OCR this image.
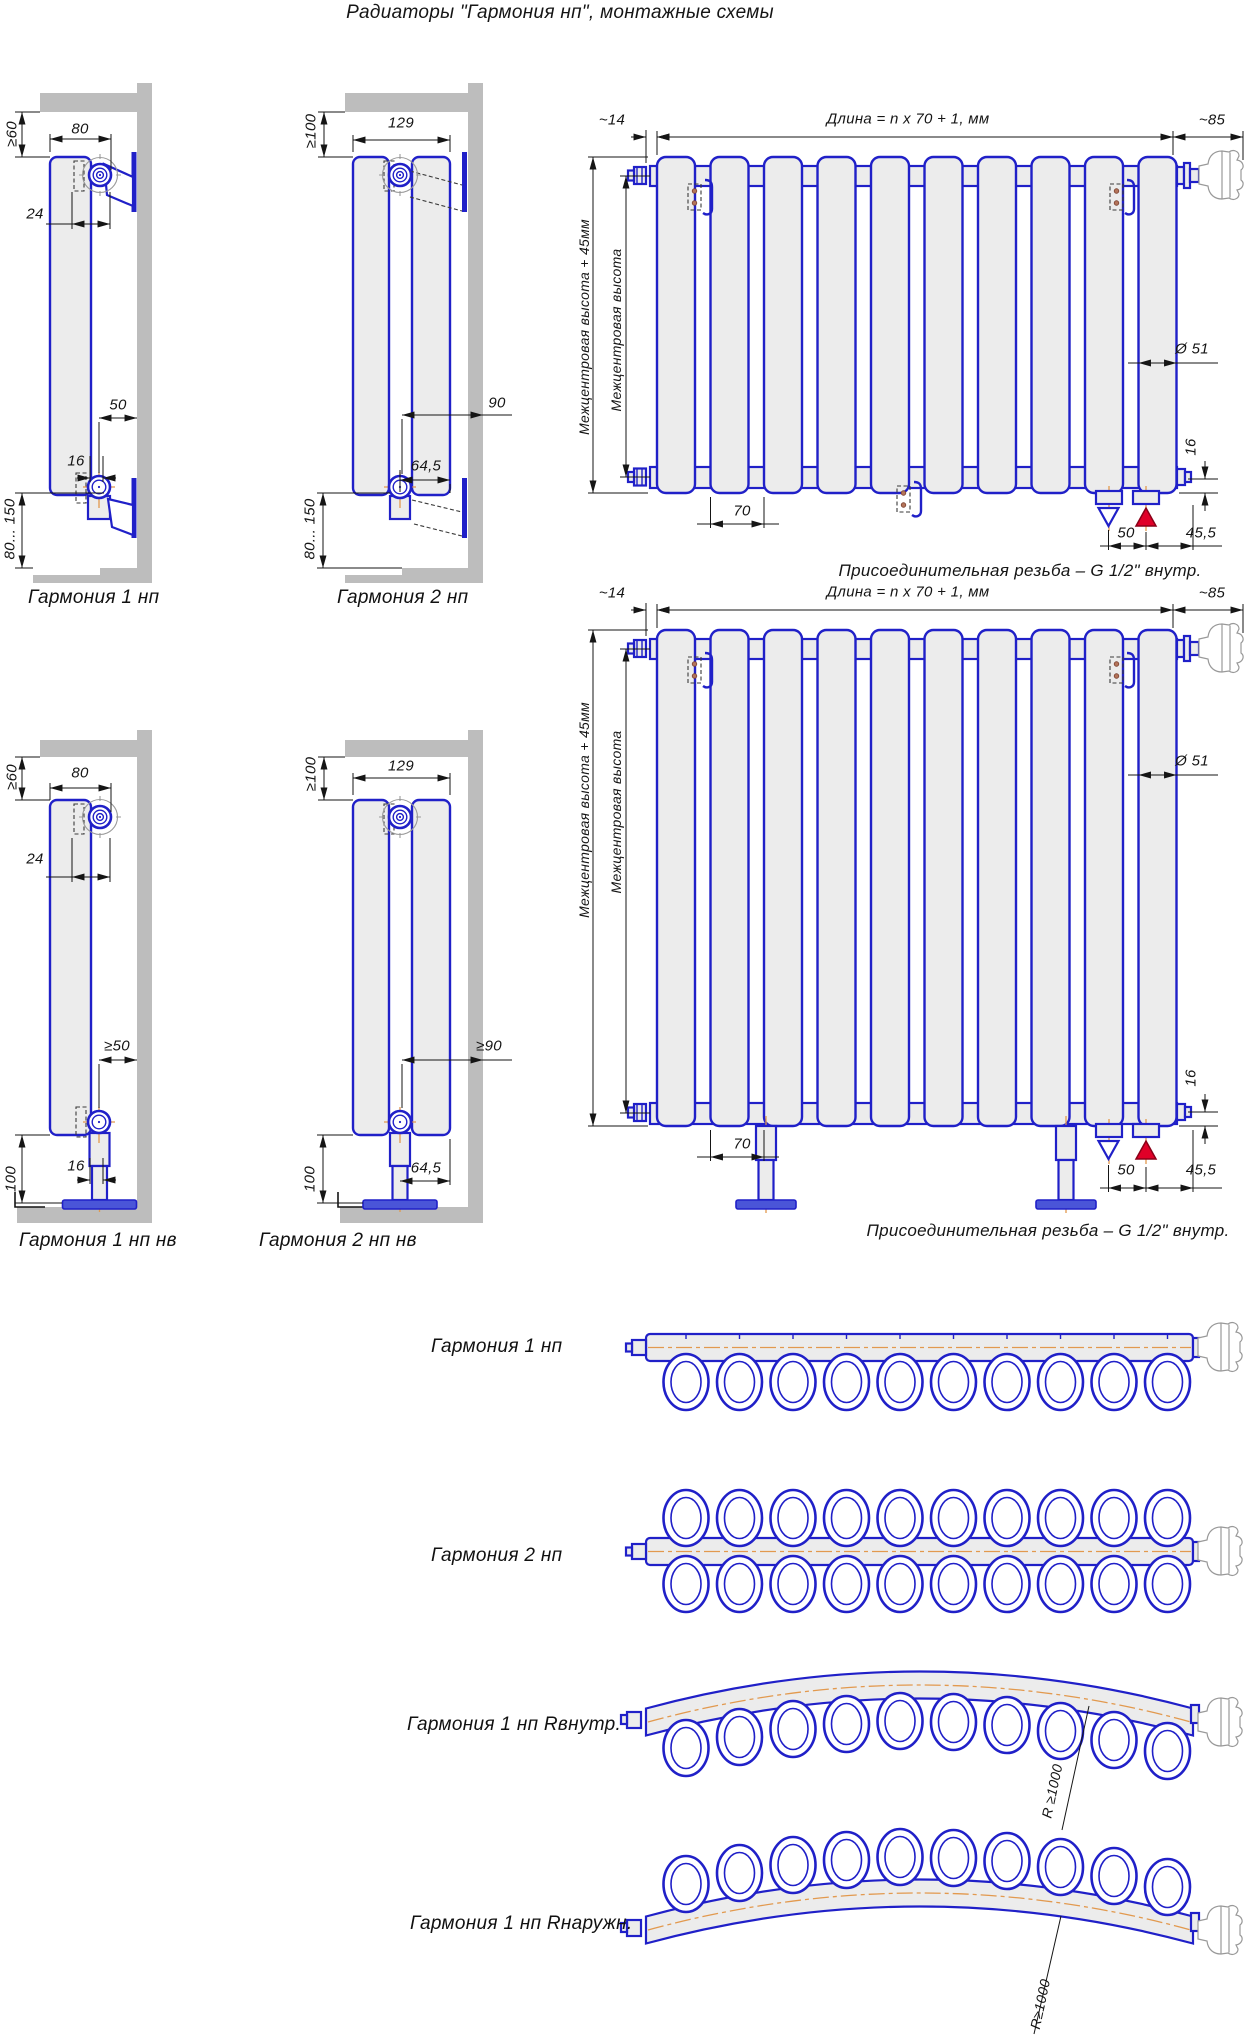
Радиаторы "Гармония нп", монтажные схемы
≥60	80
24
50
16
80... 150
Гармония 1 нп
≥100	129
90
64,5
80... 150
Гармония 2 нп
~14	Длина = n x 70 + 1, мм	~85
Межцентровая высота + 45мм Межцентровая высота	Ø 51
16
70
50	45,5
Присоединительная резьба – G 1/2" внутр.
≥60	80
24
≥50
100
16
Гармония 1 нп нв
≥100	129
≥90
64,5
100
Гармония 2 нп нв
~14	Длина = n x 70 + 1, мм	~85
Межцентровая высота + 45мм Межцентровая высота	Ø 51
16
70
50	45,5
Присоединительная резьба – G 1/2" внутр.
Гармония 1 нп
Гармония 2 нп
Гармония 1 нп Rвнутр.
Гармония 1 нп Rнаружн.
R ≥1000
R≥1000
